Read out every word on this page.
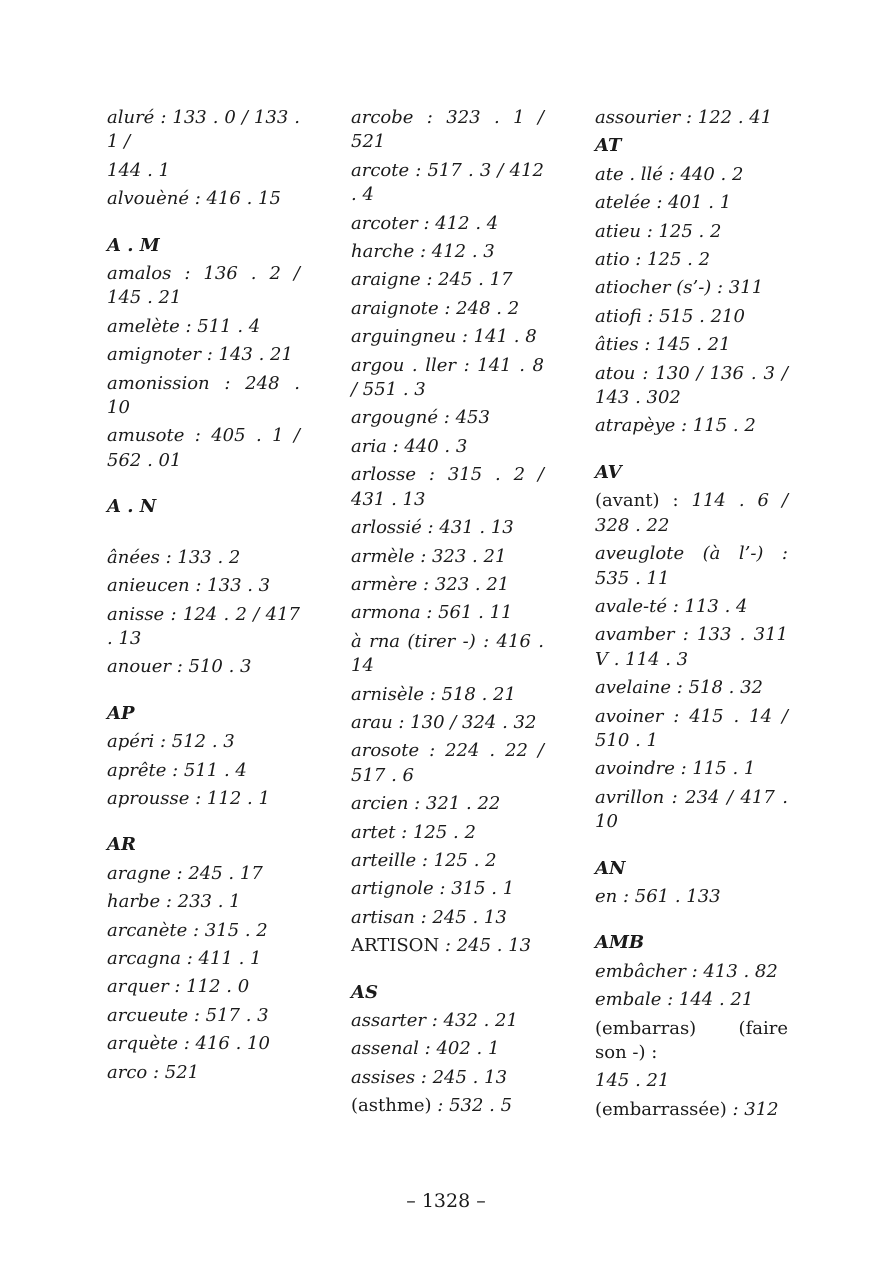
aluré : 133 . 0 / 133 . 1 /
144 . 1
alvouèné : 416 . 15
A . M
amalos : 136 . 2 / 145 . 21
amelète : 511 . 4
amignoter : 143 . 21
amonission : 248 . 10
amusote : 405 . 1 / 562 . 01
A . N
ânées : 133 . 2
anieucen : 133 . 3
anisse : 124 . 2 / 417 . 13
anouer : 510 . 3
AP
apéri : 512 . 3
aprête : 511 . 4
aprousse : 112 . 1
AR
aragne : 245 . 17
harbe : 233 . 1
arcanète : 315 . 2
arcagna : 411 . 1
arquer : 112 . 0
arcueute : 517 . 3
arquète : 416 . 10
arco : 521
arcobe : 323 . 1 / 521
arcote : 517 . 3 / 412 . 4
arcoter : 412 . 4
harche : 412 . 3
araigne : 245 . 17
araignote : 248 . 2
arguingneu : 141 . 8
argou . ller : 141 . 8 / 551 . 3
argougné : 453
aria : 440 . 3
arlosse : 315 . 2 / 431 . 13
arlossié : 431 . 13
armèle : 323 . 21
armère : 323 . 21
armona : 561 . 11
à rna (tirer -) : 416 . 14
arnisèle : 518 . 21
arau : 130 / 324 . 32
arosote : 224 . 22 / 517 . 6
arcien : 321 . 22
artet : 125 . 2
arteille : 125 . 2
artignole : 315 . 1
artisan : 245 . 13
ARTISON : 245 . 13
AS
assarter : 432 . 21
assenal : 402 . 1
assises : 245 . 13
(asthme) : 532 . 5
assourier : 122 . 41
AT
ate . llé : 440 . 2
atelée : 401 . 1
atieu : 125 . 2
atio : 125 . 2
atiocher (s’-) : 311
atiofi : 515 . 210
âties : 145 . 21
atou : 130 / 136 . 3 / 143 . 302
atrapèye : 115 . 2
AV
(avant) : 114 . 6 / 328 . 22
aveuglote (à l’-) : 535 . 11
avale-té : 113 . 4
avamber : 133 . 311 V . 114 . 3
avelaine : 518 . 32
avoiner : 415 . 14 / 510 . 1
avoindre : 115 . 1
avrillon : 234 / 417 . 10
AN
en : 561 . 133
AMB
embâcher : 413 . 82
embale : 144 . 21
(embarras) (faire son -) :
145 . 21
(embarrassée) : 312
– 1328 –
